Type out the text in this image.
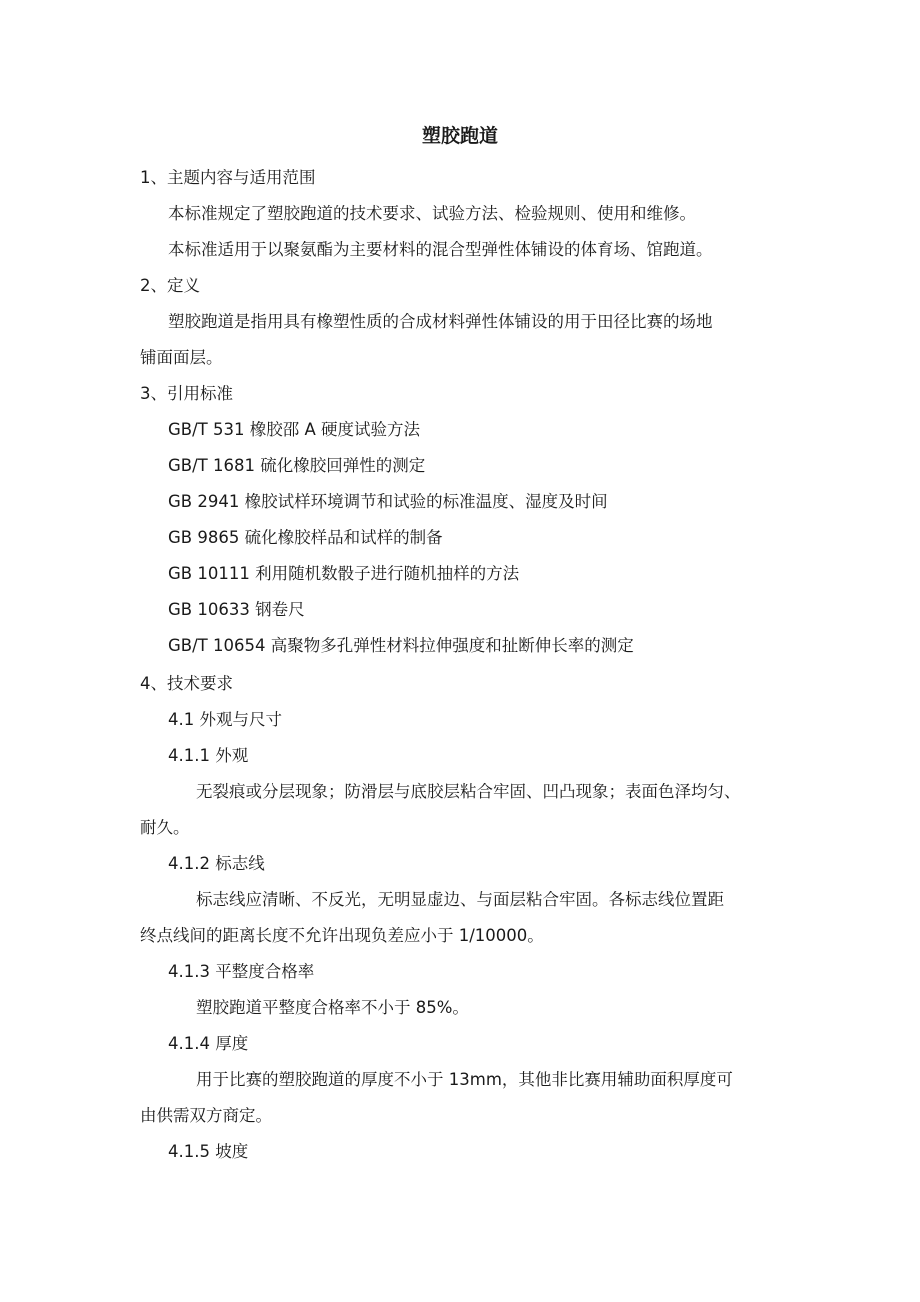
塑胶跑道
1、主题内容与适用范围
本标准规定了塑胶跑道的技术要求、试验方法、检验规则、使用和维修。
本标准适用于以聚氨酯为主要材料的混合型弹性体铺设的体育场、馆跑道。
2、定义
塑胶跑道是指用具有橡塑性质的合成材料弹性体铺设的用于田径比赛的场地
铺面面层。
3、引用标准
GB/T 531 橡胶邵 A 硬度试验方法
GB/T 1681 硫化橡胶回弹性的测定
GB 2941 橡胶试样环境调节和试验的标准温度、湿度及时间
GB 9865 硫化橡胶样品和试样的制备
GB 10111 利用随机数骰子进行随机抽样的方法
GB 10633 钢卷尺
GB/T 10654 高聚物多孔弹性材料拉伸强度和扯断伸长率的测定
4、技术要求
4.1 外观与尺寸
4.1.1 外观
无裂痕或分层现象；防滑层与底胶层粘合牢固、凹凸现象；表面色泽均匀、
耐久。
4.1.2 标志线
标志线应清晰、不反光，无明显虚边、与面层粘合牢固。各标志线位置距
终点线间的距离长度不允许出现负差应小于 1/10000。
4.1.3 平整度合格率
塑胶跑道平整度合格率不小于 85%。
4.1.4 厚度
用于比赛的塑胶跑道的厚度不小于 13mm，其他非比赛用辅助面积厚度可
由供需双方商定。
4.1.5 坡度
